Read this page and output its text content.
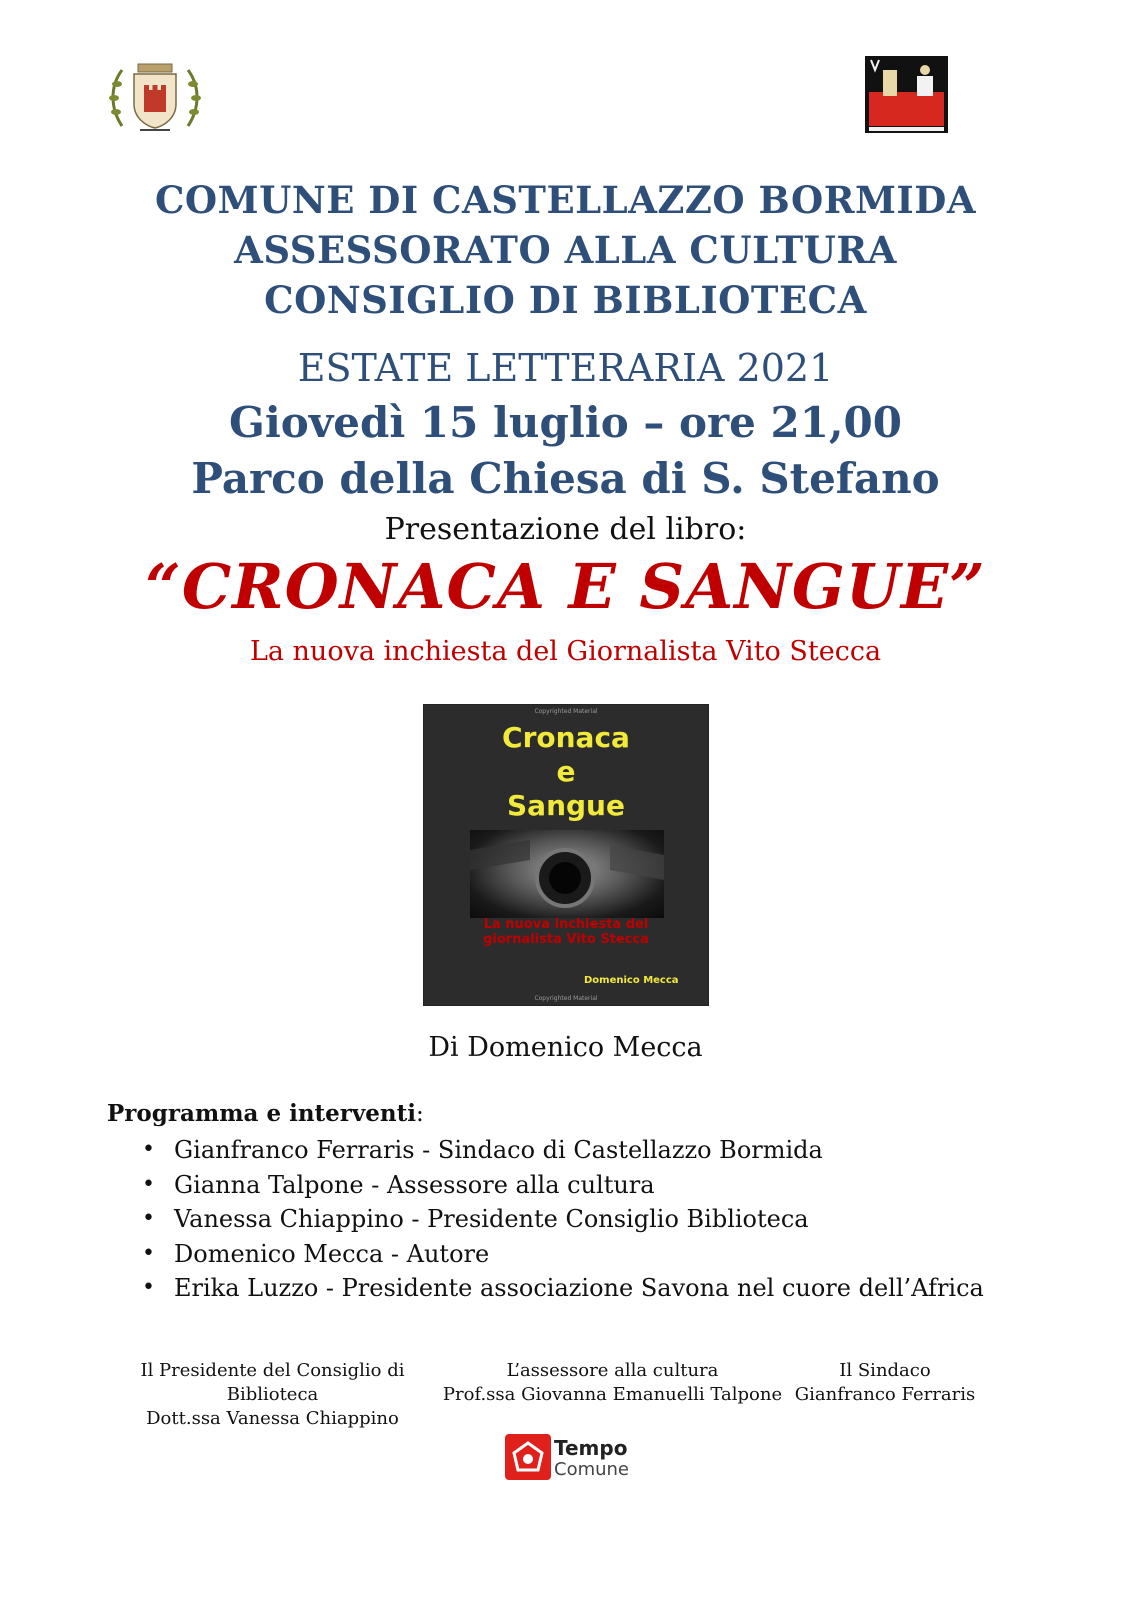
COMUNE DI CASTELLAZZO BORMIDA
ASSESSORATO ALLA CULTURA
CONSIGLIO DI BIBLIOTECA
ESTATE LETTERARIA 2021
Giovedì 15 luglio – ore 21,00
Parco della Chiesa di S. Stefano
Presentazione del libro:
“CRONACA E SANGUE”
La nuova inchiesta del Giornalista Vito Stecca
Copyrighted Material
Cronaca
e
Sangue
La nuova inchiesta del
giornalista Vito Stecca
Domenico Mecca
Copyrighted Material
Di Domenico Mecca
Programma e interventi:
• Gianfranco Ferraris - Sindaco di Castellazzo Bormida
• Gianna Talpone - Assessore alla cultura
• Vanessa Chiappino - Presidente Consiglio Biblioteca
• Domenico Mecca - Autore
• Erika Luzzo - Presidente associazione Savona nel cuore dell’Africa
Il Presidente del Consiglio di Biblioteca
Dott.ssa Vanessa Chiappino
L’assessore alla cultura
Prof.ssa Giovanna Emanuelli Talpone
Il Sindaco
Gianfranco Ferraris
Tempo
Comune
